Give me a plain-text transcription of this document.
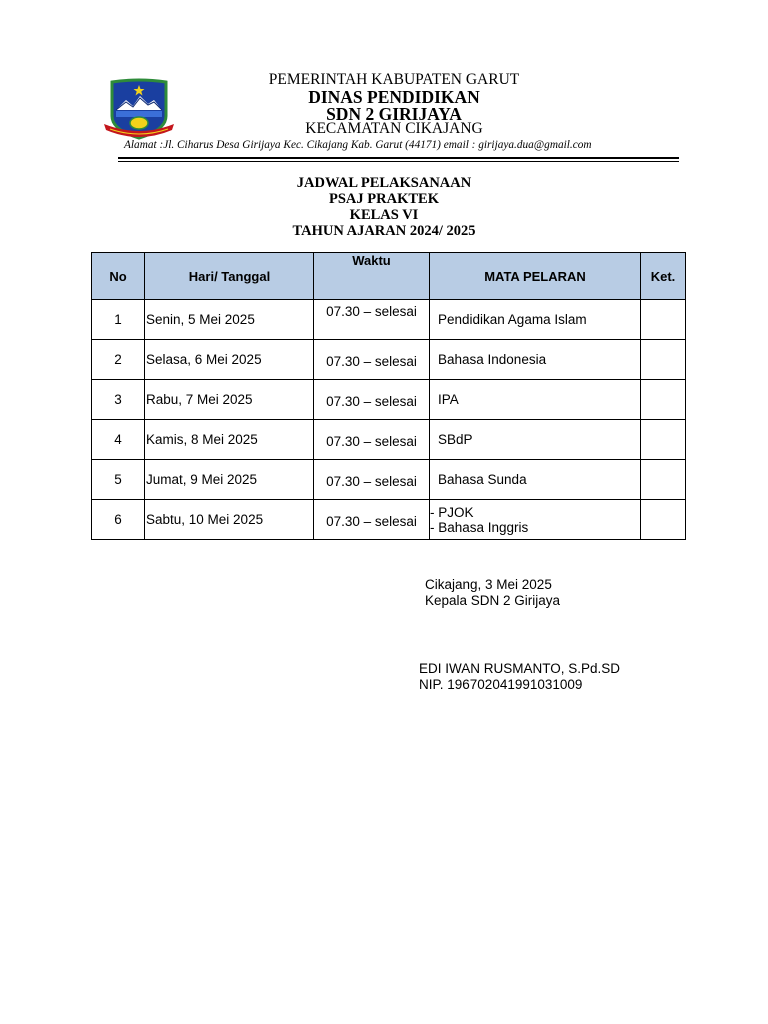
PEMERINTAH KABUPATEN GARUT
DINAS PENDIDIKAN
SDN 2 GIRIJAYA
KECAMATAN CIKAJANG
Alamat :Jl. Ciharus Desa Girijaya Kec. Cikajang Kab. Garut (44171) email : girijaya.dua@gmail.com
JADWAL PELAKSANAAN
PSAJ PRAKTEK
KELAS VI
TAHUN AJARAN 2024/ 2025
No	Hari/ Tanggal	Waktu	MATA PELARAN	Ket.
1	Senin, 5 Mei 2025	07.30 – selesai	Pendidikan Agama Islam	
2	Selasa, 6 Mei 2025	07.30 – selesai	Bahasa Indonesia	
3	Rabu, 7 Mei 2025	07.30 – selesai	IPA	
4	Kamis, 8 Mei 2025	07.30 – selesai	SBdP	
5	Jumat, 9 Mei 2025	07.30 – selesai	Bahasa Sunda	
6	Sabtu, 10 Mei 2025	07.30 – selesai	- PJOK
- Bahasa Inggris	

Cikajang, 3 Mei 2025
Kepala SDN 2 Girijaya
EDI IWAN RUSMANTO, S.Pd.SD
NIP. 196702041991031009
